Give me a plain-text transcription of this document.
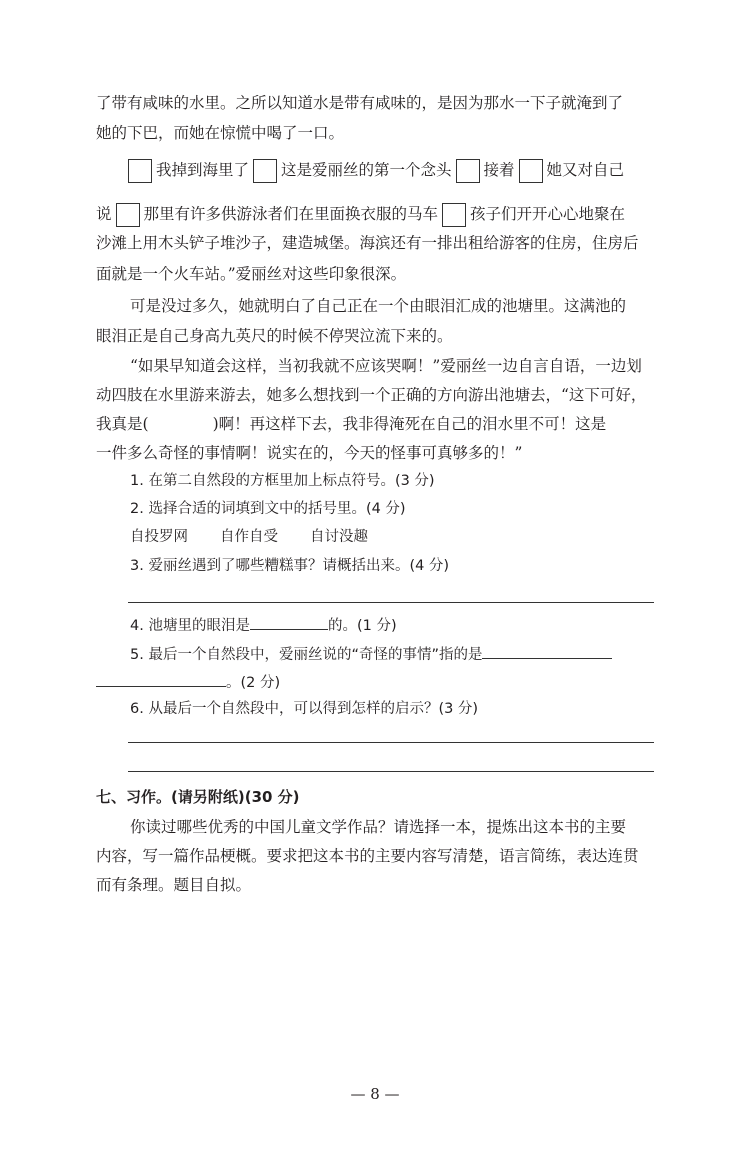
了带有咸味的水里。之所以知道水是带有咸味的，是因为那水一下子就淹到了
她的下巴，而她在惊慌中喝了一口。
我掉到海里了 这是爱丽丝的第一个念头 接着 她又对自己
说 那里有许多供游泳者们在里面换衣服的马车 孩子们开开心心地聚在
沙滩上用木头铲子堆沙子，建造城堡。海滨还有一排出租给游客的住房，住房后
面就是一个火车站。”爱丽丝对这些印象很深。
可是没过多久，她就明白了自己正在一个由眼泪汇成的池塘里。这满池的
眼泪正是自己身高九英尺的时候不停哭泣流下来的。
“如果早知道会这样，当初我就不应该哭啊！”爱丽丝一边自言自语，一边划
动四肢在水里游来游去，她多么想找到一个正确的方向游出池塘去，“这下可好，
我真是(	)啊！再这样下去，我非得淹死在自己的泪水里不可！这是
一件多么奇怪的事情啊！说实在的，今天的怪事可真够多的！”
1. 在第二自然段的方框里加上标点符号。(3 分)
2. 选择合适的词填到文中的括号里。(4 分)
自投罗网 自作自受 自讨没趣
3. 爱丽丝遇到了哪些糟糕事？请概括出来。(4 分)
4. 池塘里的眼泪是	的。(1 分)
5. 最后一个自然段中，爱丽丝说的“奇怪的事情”指的是
。(2 分)
6. 从最后一个自然段中，可以得到怎样的启示？(3 分)
七、习作。(请另附纸)(30 分)
你读过哪些优秀的中国儿童文学作品？请选择一本，提炼出这本书的主要
内容，写一篇作品梗概。要求把这本书的主要内容写清楚，语言简练，表达连贯
而有条理。题目自拟。
— 8 —
